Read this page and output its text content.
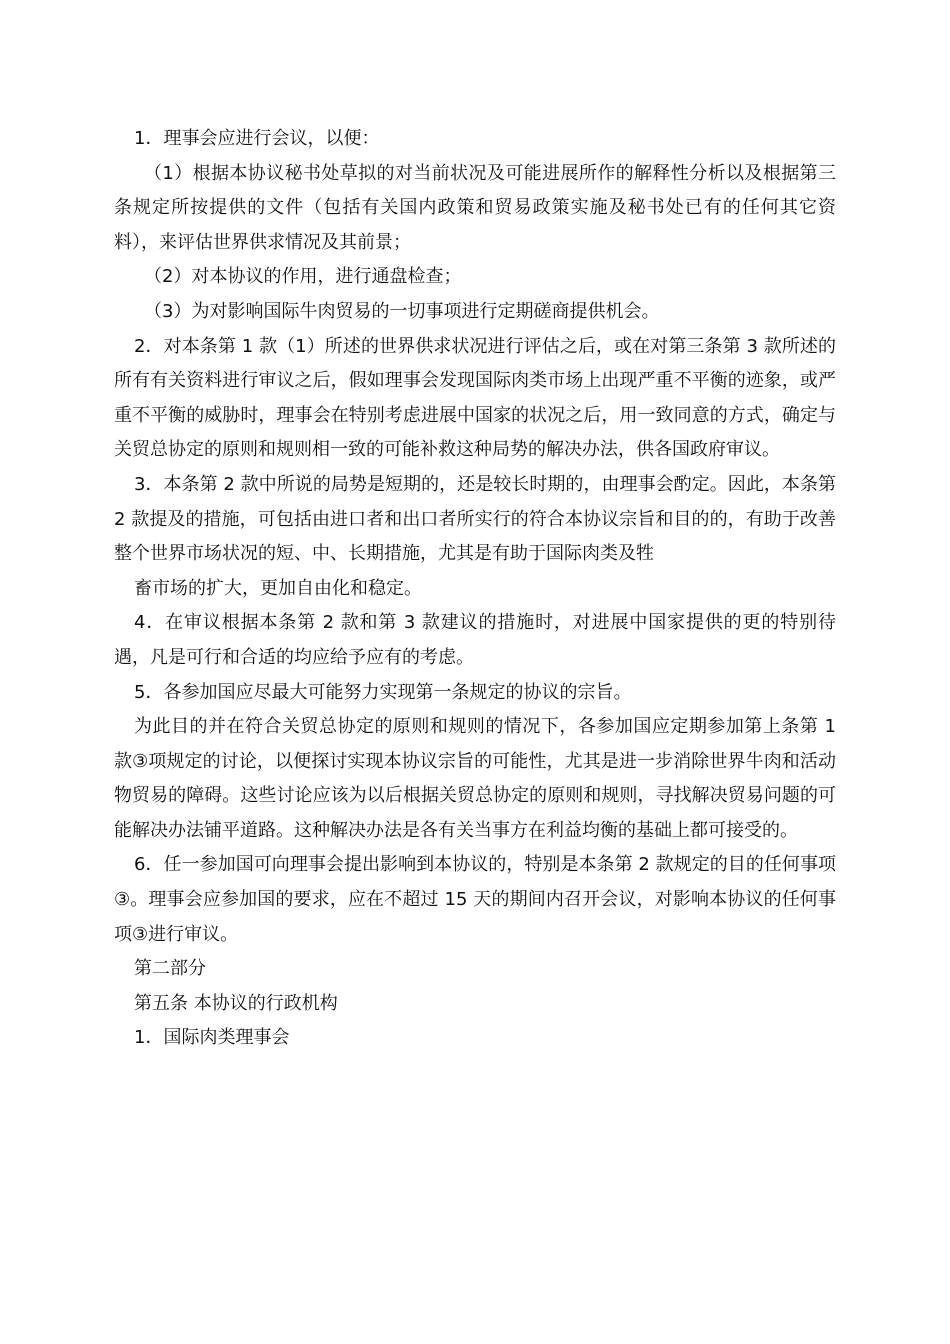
1．理事会应进行会议，以便：

（1）根据本协议秘书处草拟的对当前状况及可能进展所作的解释性分析以及根据第三条规定所按提供的文件（包括有关国内政策和贸易政策实施及秘书处已有的任何其它资料），来评估世界供求情况及其前景；

（2）对本协议的作用，进行通盘检查；

（3）为对影响国际牛肉贸易的一切事项进行定期磋商提供机会。

2．对本条第 1 款（1）所述的世界供求状况进行评估之后，或在对第三条第 3 款所述的所有有关资料进行审议之后，假如理事会发现国际肉类市场上出现严重不平衡的迹象，或严重不平衡的威胁时，理事会在特别考虑进展中国家的状况之后，用一致同意的方式，确定与关贸总协定的原则和规则相一致的可能补救这种局势的解决办法，供各国政府审议。

3．本条第 2 款中所说的局势是短期的，还是较长时期的，由理事会酌定。因此，本条第 2 款提及的措施，可包括由进口者和出口者所实行的符合本协议宗旨和目的的，有助于改善整个世界市场状况的短、中、长期措施，尤其是有助于国际肉类及牲

畜市场的扩大，更加自由化和稳定。

4．在审议根据本条第 2 款和第 3 款建议的措施时，对进展中国家提供的更的特别待遇，凡是可行和合适的均应给予应有的考虑。

5．各参加国应尽最大可能努力实现第一条规定的协议的宗旨。

为此目的并在符合关贸总协定的原则和规则的情况下，各参加国应定期参加第上条第 1 款③项规定的讨论，以便探讨实现本协议宗旨的可能性，尤其是进一步消除世界牛肉和活动物贸易的障碍。这些讨论应该为以后根据关贸总协定的原则和规则，寻找解决贸易问题的可能解决办法铺平道路。这种解决办法是各有关当事方在利益均衡的基础上都可接受的。

6．任一参加国可向理事会提出影响到本协议的，特别是本条第 2 款规定的目的任何事项③。理事会应参加国的要求，应在不超过 15 天的期间内召开会议，对影响本协议的任何事项③进行审议。

第二部分

第五条 本协议的行政机构

1．国际肉类理事会
